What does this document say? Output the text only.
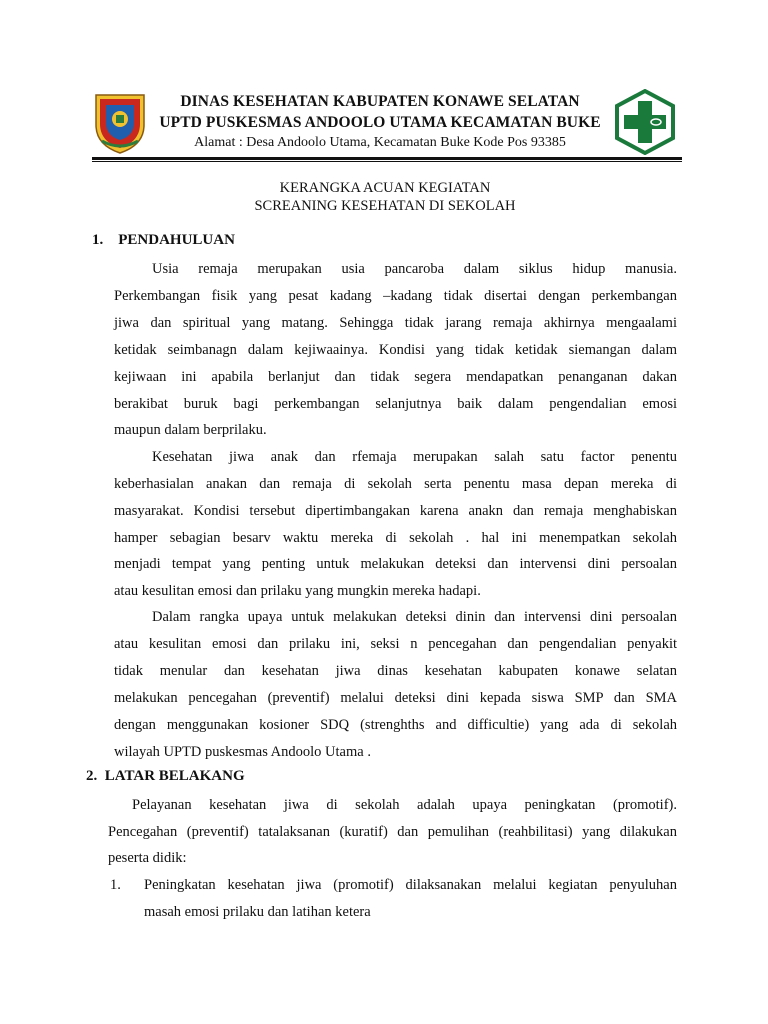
DINAS KESEHATAN KABUPATEN KONAWE SELATAN
UPTD PUSKESMAS ANDOOLO UTAMA KECAMATAN BUKE
Alamat : Desa Andoolo Utama, Kecamatan Buke Kode Pos 93385
KERANGKA ACUAN KEGIATAN
SCREANING KESEHATAN DI SEKOLAH
1. PENDAHULUAN
Usia remaja merupakan usia pancaroba dalam siklus hidup manusia.
Perkembangan fisik yang pesat kadang –kadang tidak disertai dengan perkembangan
jiwa dan spiritual yang matang. Sehingga tidak jarang remaja akhirnya mengaalami
ketidak seimbanagn dalam kejiwaainya. Kondisi yang tidak ketidak siemangan dalam
kejiwaan ini apabila berlanjut dan tidak segera mendapatkan penanganan dakan
berakibat buruk bagi perkembangan selanjutnya baik dalam pengendalian emosi
maupun dalam berprilaku.
Kesehatan jiwa anak dan rfemaja merupakan salah satu factor penentu
keberhasialan anakan dan remaja di sekolah serta penentu masa depan mereka di
masyarakat. Kondisi tersebut dipertimbangakan karena anakn dan remaja menghabiskan
hamper sebagian besarv waktu mereka di sekolah . hal ini menempatkan sekolah
menjadi tempat yang penting untuk melakukan deteksi dan intervensi dini persoalan
atau kesulitan emosi dan prilaku yang mungkin mereka hadapi.
Dalam rangka upaya untuk melakukan deteksi dinin dan intervensi dini persoalan
atau kesulitan emosi dan prilaku ini, seksi n pencegahan dan pengendalian penyakit
tidak menular dan kesehatan jiwa dinas kesehatan kabupaten konawe selatan
melakukan pencegahan (preventif) melalui deteksi dini kepada siswa SMP dan SMA
dengan menggunakan kosioner SDQ (strenghths and difficultie) yang ada di sekolah
wilayah UPTD puskesmas Andoolo Utama .
2. LATAR BELAKANG
Pelayanan kesehatan jiwa di sekolah adalah upaya peningkatan (promotif).
Pencegahan (preventif) tatalaksanan (kuratif) dan pemulihan (reahbilitasi) yang dilakukan
peserta didik:
1. Peningkatan kesehatan jiwa (promotif) dilaksanakan melalui kegiatan penyuluhan
masah emosi prilaku dan latihan ketera
